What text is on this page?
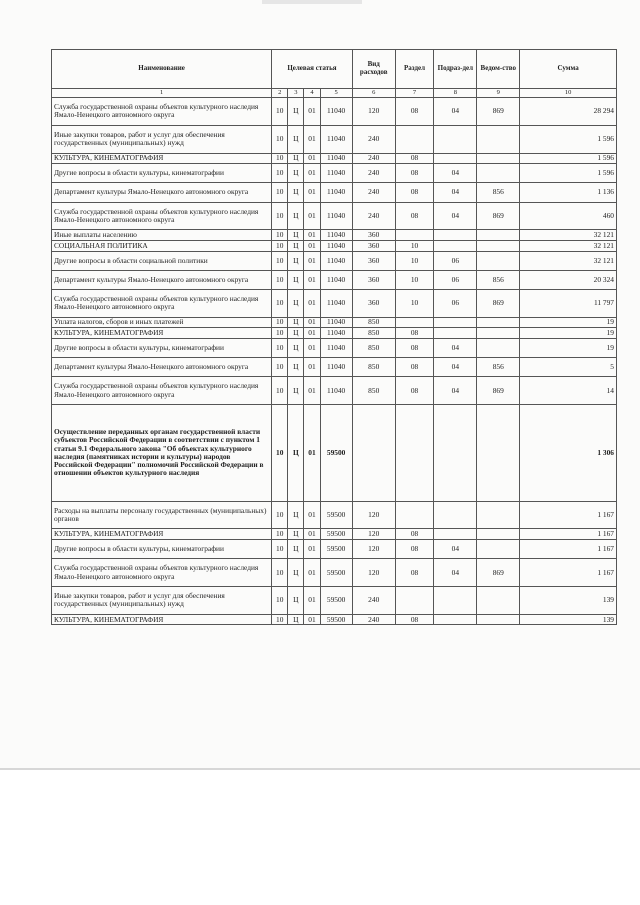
Наименование	Целевая статья				Вид расходов	Раздел	Подраз-дел	Ведом-ство	Сумма
1	2	3	4	5	6	7	8	9	10
Служба государственной охраны объектов культурного наследия Ямало-Ненецкого автономного округа	10	Ц	01	11040	120	08	04	869	28 294
Иные закупки товаров, работ и услуг для обеспечения государственных (муниципальных) нужд	10	Ц	01	11040	240				1 596
КУЛЬТУРА, КИНЕМАТОГРАФИЯ	10	Ц	01	11040	240	08			1 596
Другие вопросы в области культуры, кинематографии	10	Ц	01	11040	240	08	04		1 596
Департамент культуры Ямало-Ненецкого автономного округа	10	Ц	01	11040	240	08	04	856	1 136
Служба государственной охраны объектов культурного наследия Ямало-Ненецкого автономного округа	10	Ц	01	11040	240	08	04	869	460
Иные выплаты населению	10	Ц	01	11040	360				32 121
СОЦИАЛЬНАЯ ПОЛИТИКА	10	Ц	01	11040	360	10			32 121
Другие вопросы в области социальной политики	10	Ц	01	11040	360	10	06		32 121
Департамент культуры Ямало-Ненецкого автономного округа	10	Ц	01	11040	360	10	06	856	20 324
Служба государственной охраны объектов культурного наследия Ямало-Ненецкого автономного округа	10	Ц	01	11040	360	10	06	869	11 797
Уплата налогов, сборов и иных платежей	10	Ц	01	11040	850				19
КУЛЬТУРА, КИНЕМАТОГРАФИЯ	10	Ц	01	11040	850	08			19
Другие вопросы в области культуры, кинематографии	10	Ц	01	11040	850	08	04		19
Департамент культуры Ямало-Ненецкого автономного округа	10	Ц	01	11040	850	08	04	856	5
Служба государственной охраны объектов культурного наследия Ямало-Ненецкого автономного округа	10	Ц	01	11040	850	08	04	869	14
Осуществление переданных органам государственной власти субъектов Российской Федерации в соответствии с пунктом 1 статьи 9.1 Федерального закона "Об объектах культурного наследия (памятниках истории и культуры) народов Российской Федерации" полномочий Российской Федерации в отношении объектов культурного наследия	10	Ц	01	59500					1 306
Расходы на выплаты персоналу государственных (муниципальных) органов	10	Ц	01	59500	120				1 167
КУЛЬТУРА, КИНЕМАТОГРАФИЯ	10	Ц	01	59500	120	08			1 167
Другие вопросы в области культуры, кинематографии	10	Ц	01	59500	120	08	04		1 167
Служба государственной охраны объектов культурного наследия Ямало-Ненецкого автономного округа	10	Ц	01	59500	120	08	04	869	1 167
Иные закупки товаров, работ и услуг для обеспечения государственных (муниципальных) нужд	10	Ц	01	59500	240				139
КУЛЬТУРА, КИНЕМАТОГРАФИЯ	10	Ц	01	59500	240	08			139
